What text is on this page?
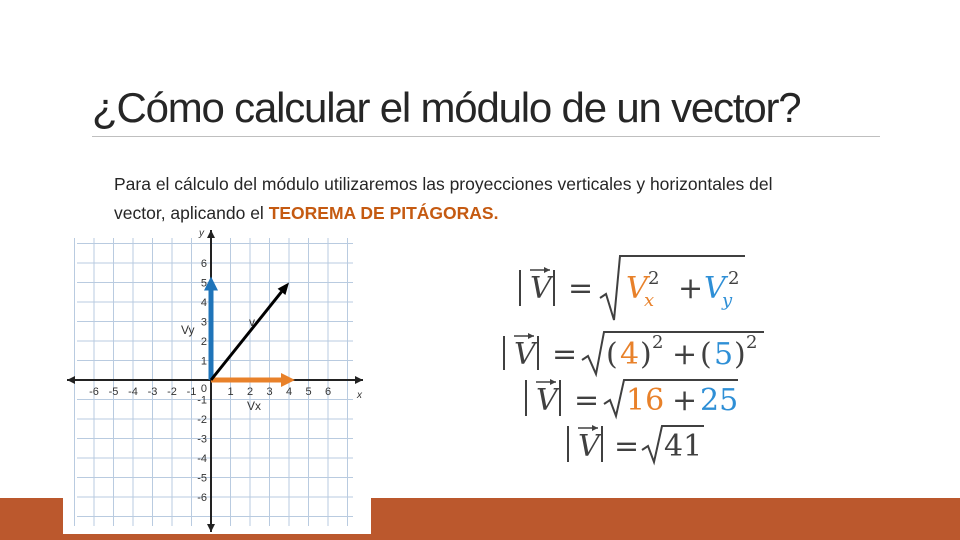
¿Cómo calcular el módulo de un vector?
Para el cálculo del módulo utilizaremos las proyecciones verticales y horizontales del vector, aplicando el TEOREMA DE PITÁGORAS.
x
y
-6 -5 -4 -3 -2 -1	1 2 3 4 5 6
6
5
4
3
2
1
-1
-2
-3
-4
-5
-6
0
v
Vy
Vx
V = V
x
2 + V
y
2
V = ( 4 ) 2 + ( 5 ) 2
V = 16 + 25
V = 41
